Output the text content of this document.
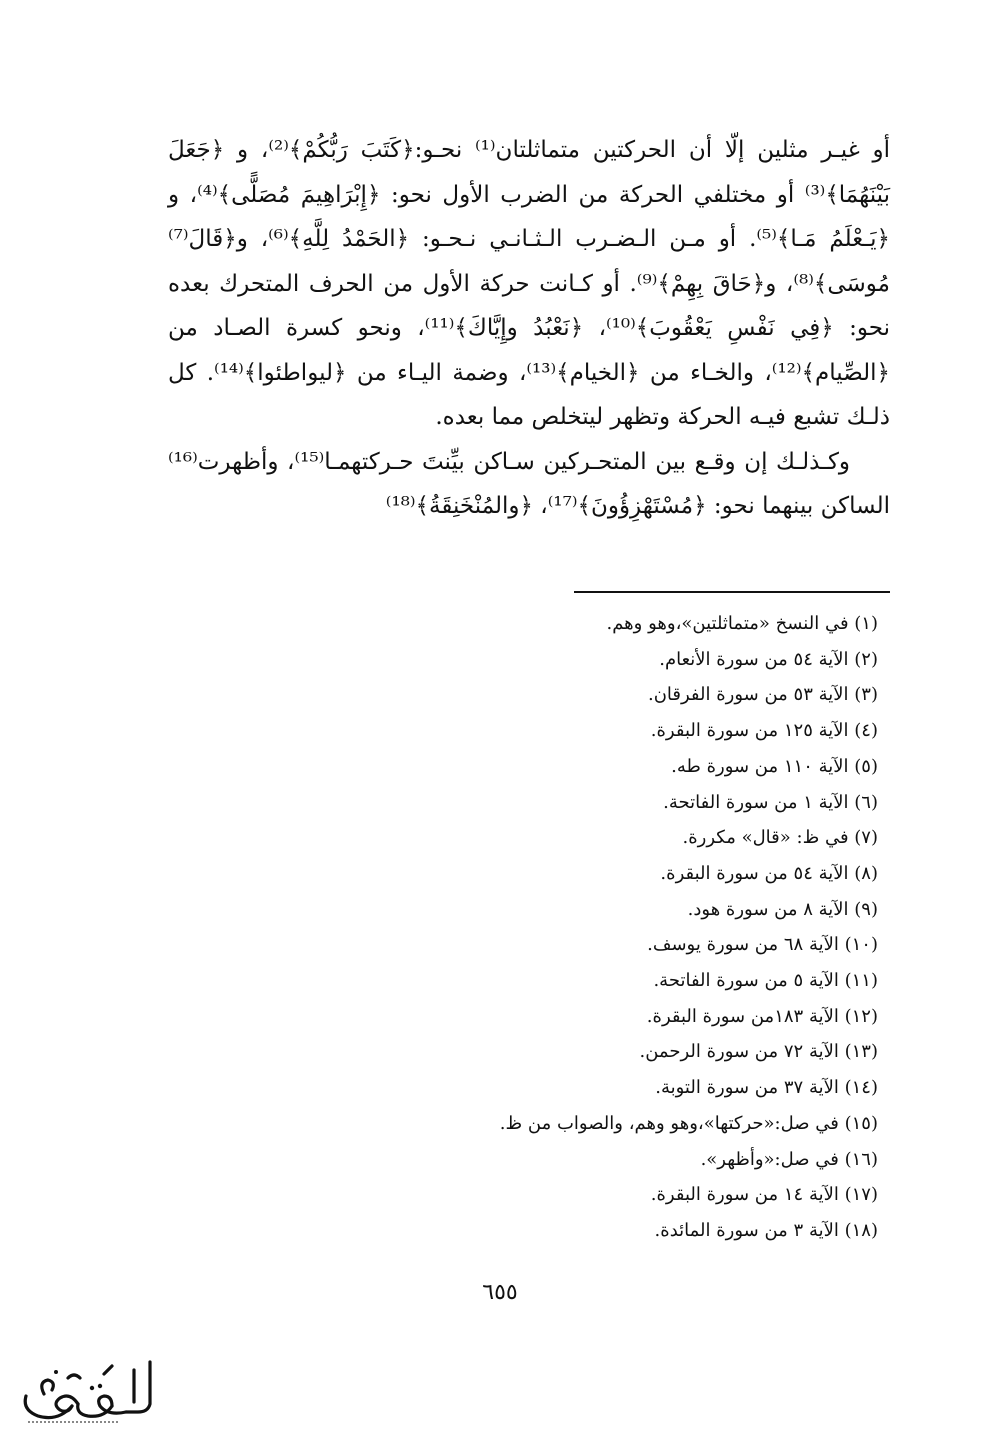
أو غيـر مثلين إلّا أن الحركتين متماثلتان⁽¹⁾ نحـو:﴿كَتَبَ رَبُّكُمْ﴾⁽²⁾، و ﴿جَعَلَ بَيْنَهُمَا﴾⁽³⁾ أو مختلفي الحركة من الضرب الأول نحو: ﴿إِبْرَاهِيمَ مُصَلًّى﴾⁽⁴⁾، و ﴿يَـعْلَمُ مَـا﴾⁽⁵⁾. أو مـن الـضـرب الـثـانـي نـحـو: ﴿الحَمْدُ لِلَّهِ﴾⁽⁶⁾، و﴿قَالَ⁽⁷⁾ مُوسَى﴾⁽⁸⁾، و﴿حَاقَ بِهِمْ﴾⁽⁹⁾. أو كـانت حركة الأول من الحرف المتحرك بعده نحو: ﴿فِي نَفْسِ يَعْقُوبَ﴾⁽¹⁰⁾، ﴿نَعْبُدُ وإِيَّاكَ﴾⁽¹¹⁾، ونحو كسرة الصـاد من ﴿الصِّيام﴾⁽¹²⁾، والخـاء من ﴿الخيام﴾⁽¹³⁾، وضمة اليـاء من ﴿ليواطئوا﴾⁽¹⁴⁾. كل ذلـك تشبع فيـه الحركة وتظهر ليتخلص مما بعده.

وكـذلـك إن وقـع بين المتحـركين سـاكن بيِّنتَ حـركتهمـا⁽¹⁵⁾، وأظهرت⁽¹⁶⁾ الساكن بينهما نحو: ﴿مُسْتَهْزِؤُونَ﴾⁽¹⁷⁾، ﴿والمُنْخَنِقَةُ﴾⁽¹⁸⁾

(١) في النسخ «متماثلتين»،وهو وهم.
(٢) الآية ٥٤ من سورة الأنعام.
(٣) الآية ٥٣ من سورة الفرقان.
(٤) الآية ١٢٥ من سورة البقرة.
(٥) الآية ١١٠ من سورة طه.
(٦) الآية ١ من سورة الفاتحة.
(٧) في ظ: «قال» مكررة.
(٨) الآية ٥٤ من سورة البقرة.
(٩) الآية ٨ من سورة هود.
(١٠) الآية ٦٨ من سورة يوسف.
(١١) الآية ٥ من سورة الفاتحة.
(١٢) الآية ١٨٣من سورة البقرة.
(١٣) الآية ٧٢ من سورة الرحمن.
(١٤) الآية ٣٧ من سورة التوبة.
(١٥) في صل:«حركتها»،وهو وهم، والصواب من ظ.
(١٦) في صل:«وأظهر».
(١٧) الآية ١٤ من سورة البقرة.
(١٨) الآية ٣ من سورة المائدة.
٦٥٥
